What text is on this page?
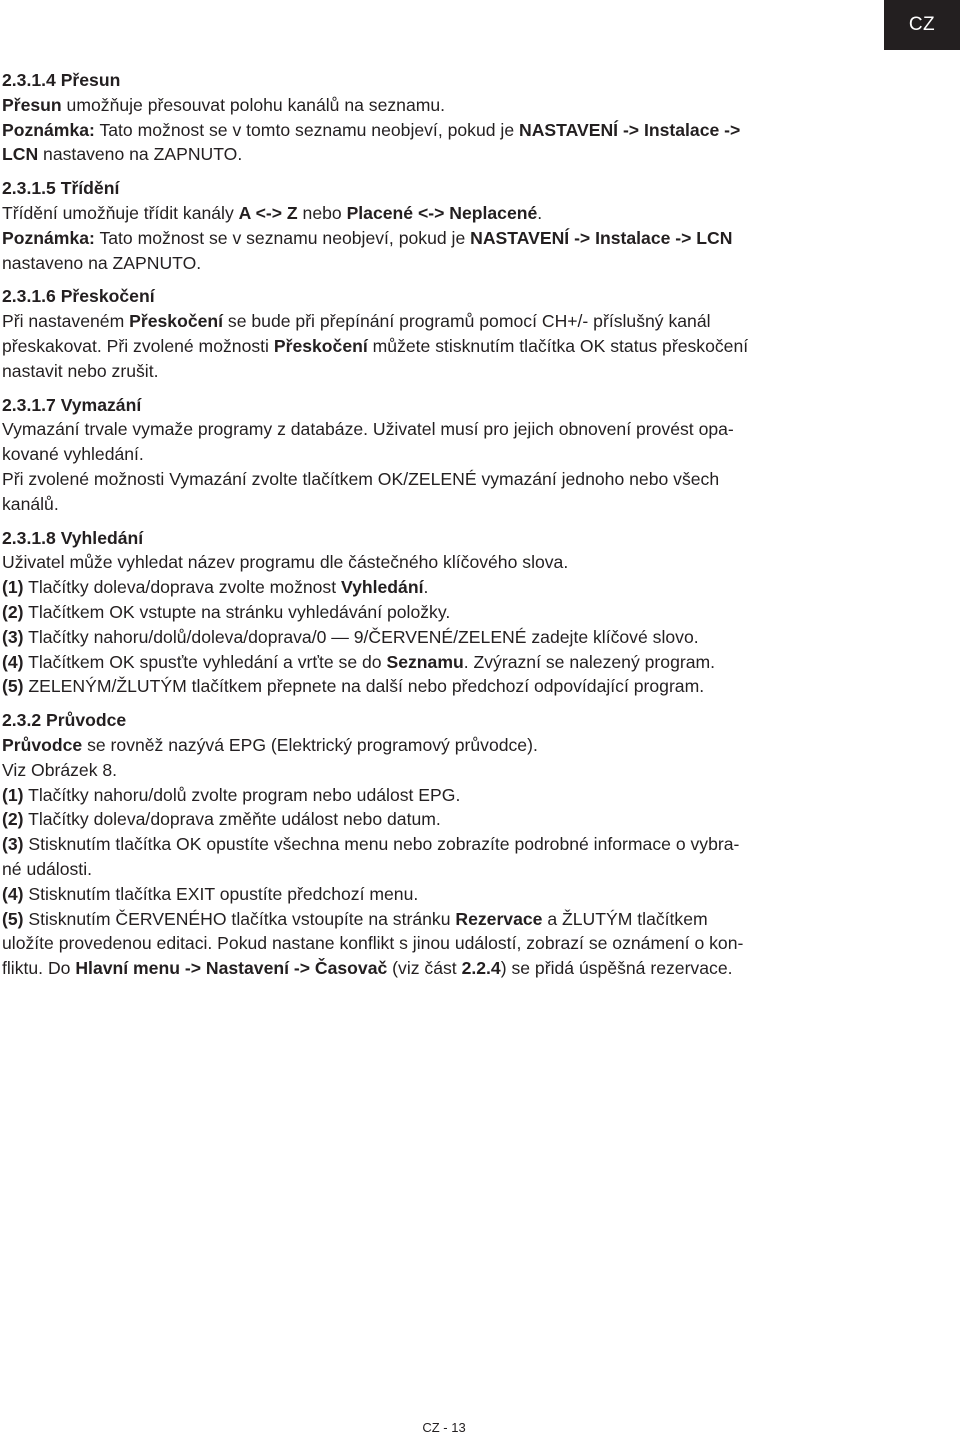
CZ
2.3.1.4 Přesun
Přesun umožňuje přesouvat polohu kanálů na seznamu.
Poznámka: Tato možnost se v tomto seznamu neobjeví, pokud je NASTAVENÍ -> Instalace ->
LCN nastaveno na ZAPNUTO.
2.3.1.5 Třídění
Třídění umožňuje třídit kanály A <-> Z nebo Placené <-> Neplacené.
Poznámka: Tato možnost se v seznamu neobjeví, pokud je NASTAVENÍ -> Instalace -> LCN
nastaveno na ZAPNUTO.
2.3.1.6 Přeskočení
Při nastaveném Přeskočení se bude při přepínání programů pomocí CH+/- příslušný kanál
přeskakovat. Při zvolené možnosti Přeskočení můžete stisknutím tlačítka OK status přeskočení
nastavit nebo zrušit.
2.3.1.7 Vymazání
Vymazání trvale vymaže programy z databáze. Uživatel musí pro jejich obnovení provést opa-
kované vyhledání.
Při zvolené možnosti Vymazání zvolte tlačítkem OK/ZELENÉ vymazání jednoho nebo všech
kanálů.
2.3.1.8 Vyhledání
Uživatel může vyhledat název programu dle částečného klíčového slova.
(1) Tlačítky doleva/doprava zvolte možnost Vyhledání.
(2) Tlačítkem OK vstupte na stránku vyhledávání položky.
(3) Tlačítky nahoru/dolů/doleva/doprava/0 — 9/ČERVENÉ/ZELENÉ zadejte klíčové slovo.
(4) Tlačítkem OK spusťte vyhledání a vrťte se do Seznamu. Zvýrazní se nalezený program.
(5) ZELENÝM/ŽLUTÝM tlačítkem přepnete na další nebo předchozí odpovídající program.
2.3.2 Průvodce
Průvodce se rovněž nazývá EPG (Elektrický programový průvodce).
Viz Obrázek 8.
(1) Tlačítky nahoru/dolů zvolte program nebo událost EPG.
(2) Tlačítky doleva/doprava změňte událost nebo datum.
(3) Stisknutím tlačítka OK opustíte všechna menu nebo zobrazíte podrobné informace o vybra-
né události.
(4) Stisknutím tlačítka EXIT opustíte předchozí menu.
(5) Stisknutím ČERVENÉHO tlačítka vstoupíte na stránku Rezervace a ŽLUTÝM tlačítkem
uložíte provedenou editaci. Pokud nastane konflikt s jinou událostí, zobrazí se oznámení o kon-
fliktu. Do Hlavní menu -> Nastavení -> Časovač (viz část 2.2.4) se přidá úspěšná rezervace.
CZ - 13
